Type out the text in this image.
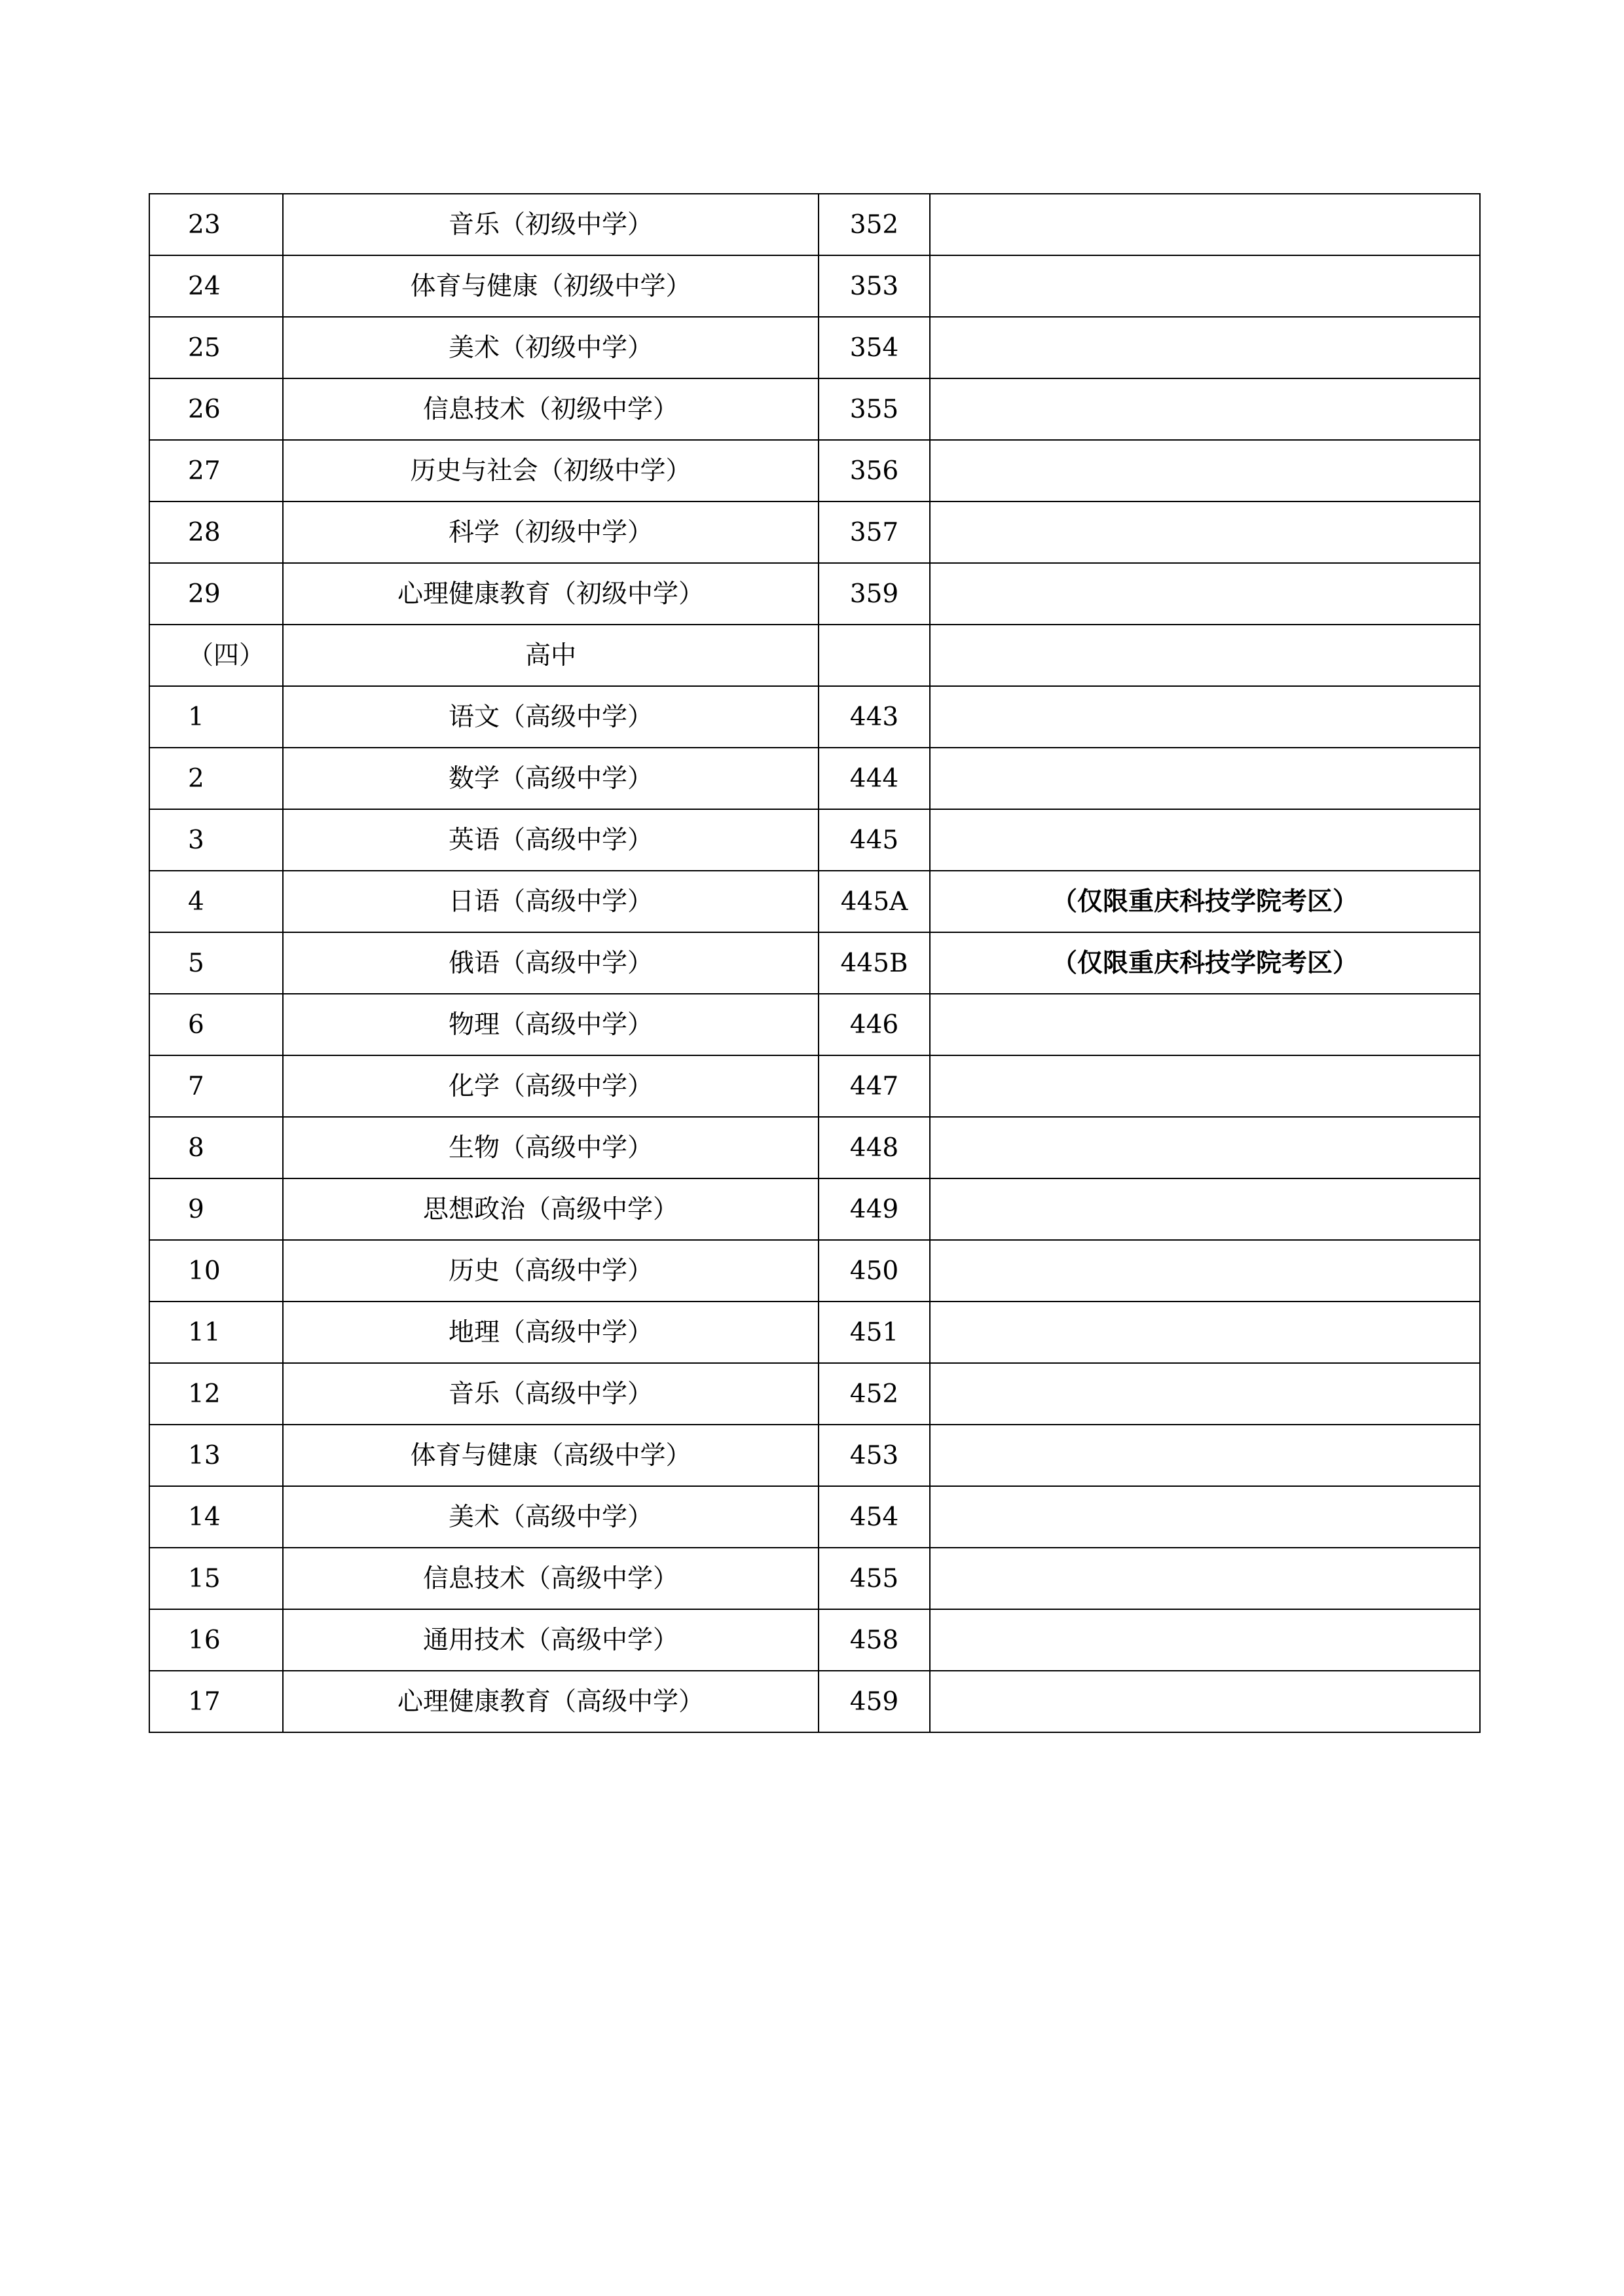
23	音乐（初级中学）	352	
24	体育与健康（初级中学）	353	
25	美术（初级中学）	354	
26	信息技术（初级中学）	355	
27	历史与社会（初级中学）	356	
28	科学（初级中学）	357	
29	心理健康教育（初级中学）	359	
（四）	高中		
1	语文（高级中学）	443	
2	数学（高级中学）	444	
3	英语（高级中学）	445	
4	日语（高级中学）	445A	（仅限重庆科技学院考区）
5	俄语（高级中学）	445B	（仅限重庆科技学院考区）
6	物理（高级中学）	446	
7	化学（高级中学）	447	
8	生物（高级中学）	448	
9	思想政治（高级中学）	449	
10	历史（高级中学）	450	
11	地理（高级中学）	451	
12	音乐（高级中学）	452	
13	体育与健康（高级中学）	453	
14	美术（高级中学）	454	
15	信息技术（高级中学）	455	
16	通用技术（高级中学）	458	
17	心理健康教育（高级中学）	459	
